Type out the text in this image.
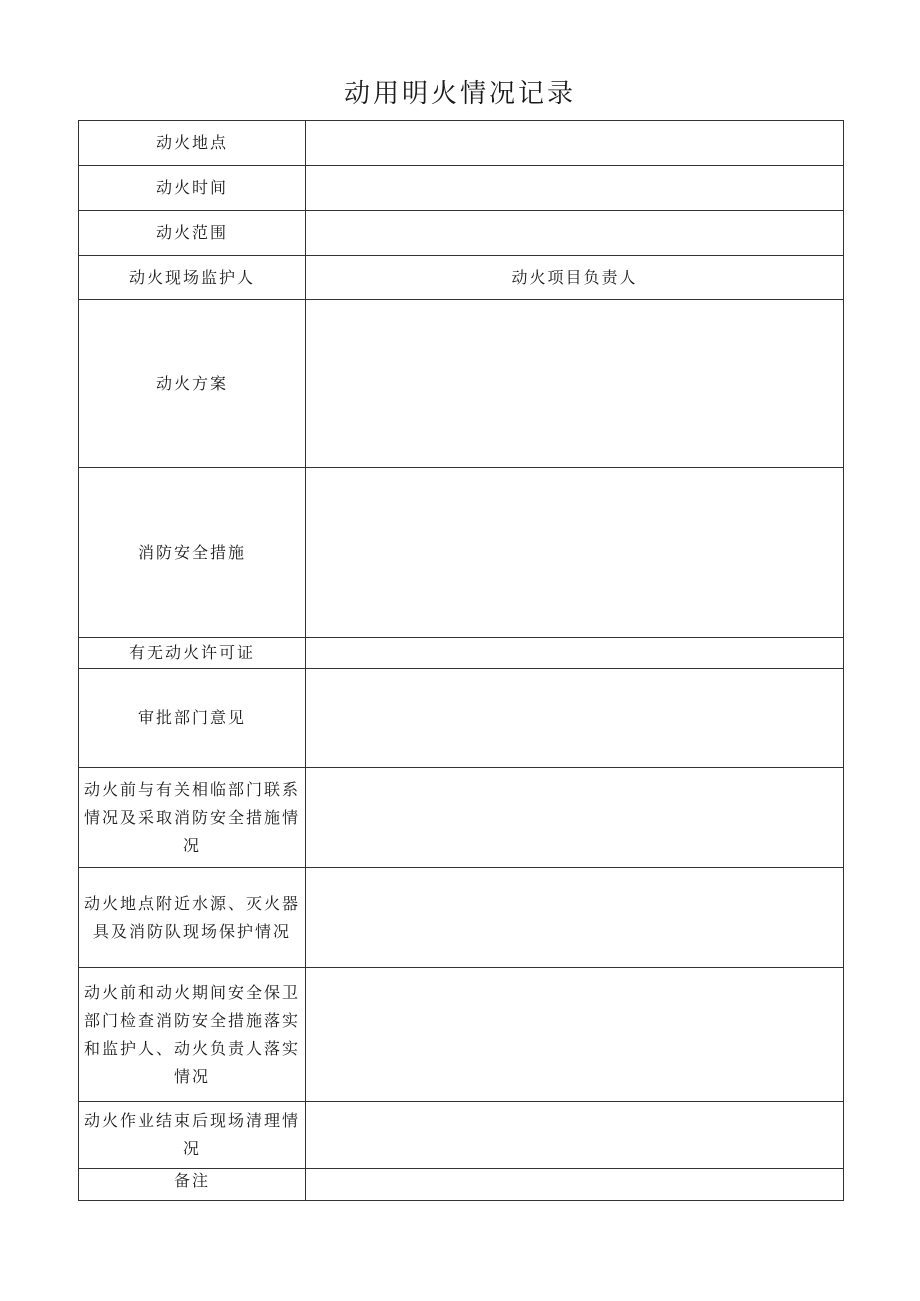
动用明火情况记录
动火地点	
动火时间	
动火范围	
动火现场监护人	动火项目负责人
动火方案	
消防安全措施	
有无动火许可证	
审批部门意见	
动火前与有关相临部门联系情况及采取消防安全措施情况	
动火地点附近水源、灭火器具及消防队现场保护情况	
动火前和动火期间安全保卫部门检查消防安全措施落实和监护人、动火负责人落实情况	
动火作业结束后现场清理情况	
备注	
